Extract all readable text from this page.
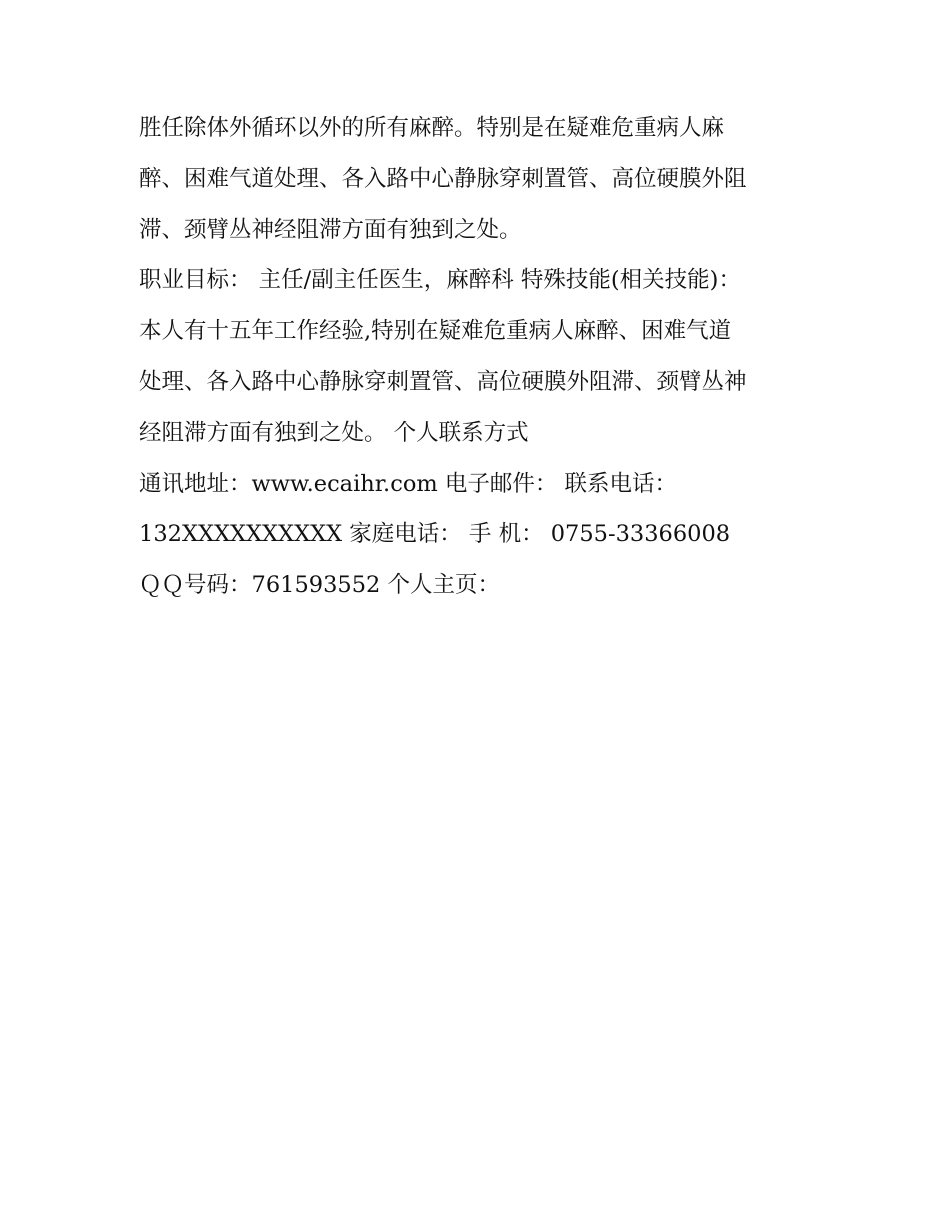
胜任除体外循环以外的所有麻醉。特别是在疑难危重病人麻

醉、困难气道处理、各入路中心静脉穿刺置管、高位硬膜外阻

滞、颈臂丛神经阻滞方面有独到之处。

职业目标： 主任/副主任医生，麻醉科 特殊技能(相关技能)：

本人有十五年工作经验,特别在疑难危重病人麻醉、困难气道

处理、各入路中心静脉穿刺置管、高位硬膜外阻滞、颈臂丛神

经阻滞方面有独到之处。 个人联系方式

通讯地址：www.ecaihr.com 电子邮件： 联系电话：

132XXXXXXXXXX 家庭电话： 手 机： 0755-33366008

ＱＱ号码：761593552 个人主页：
